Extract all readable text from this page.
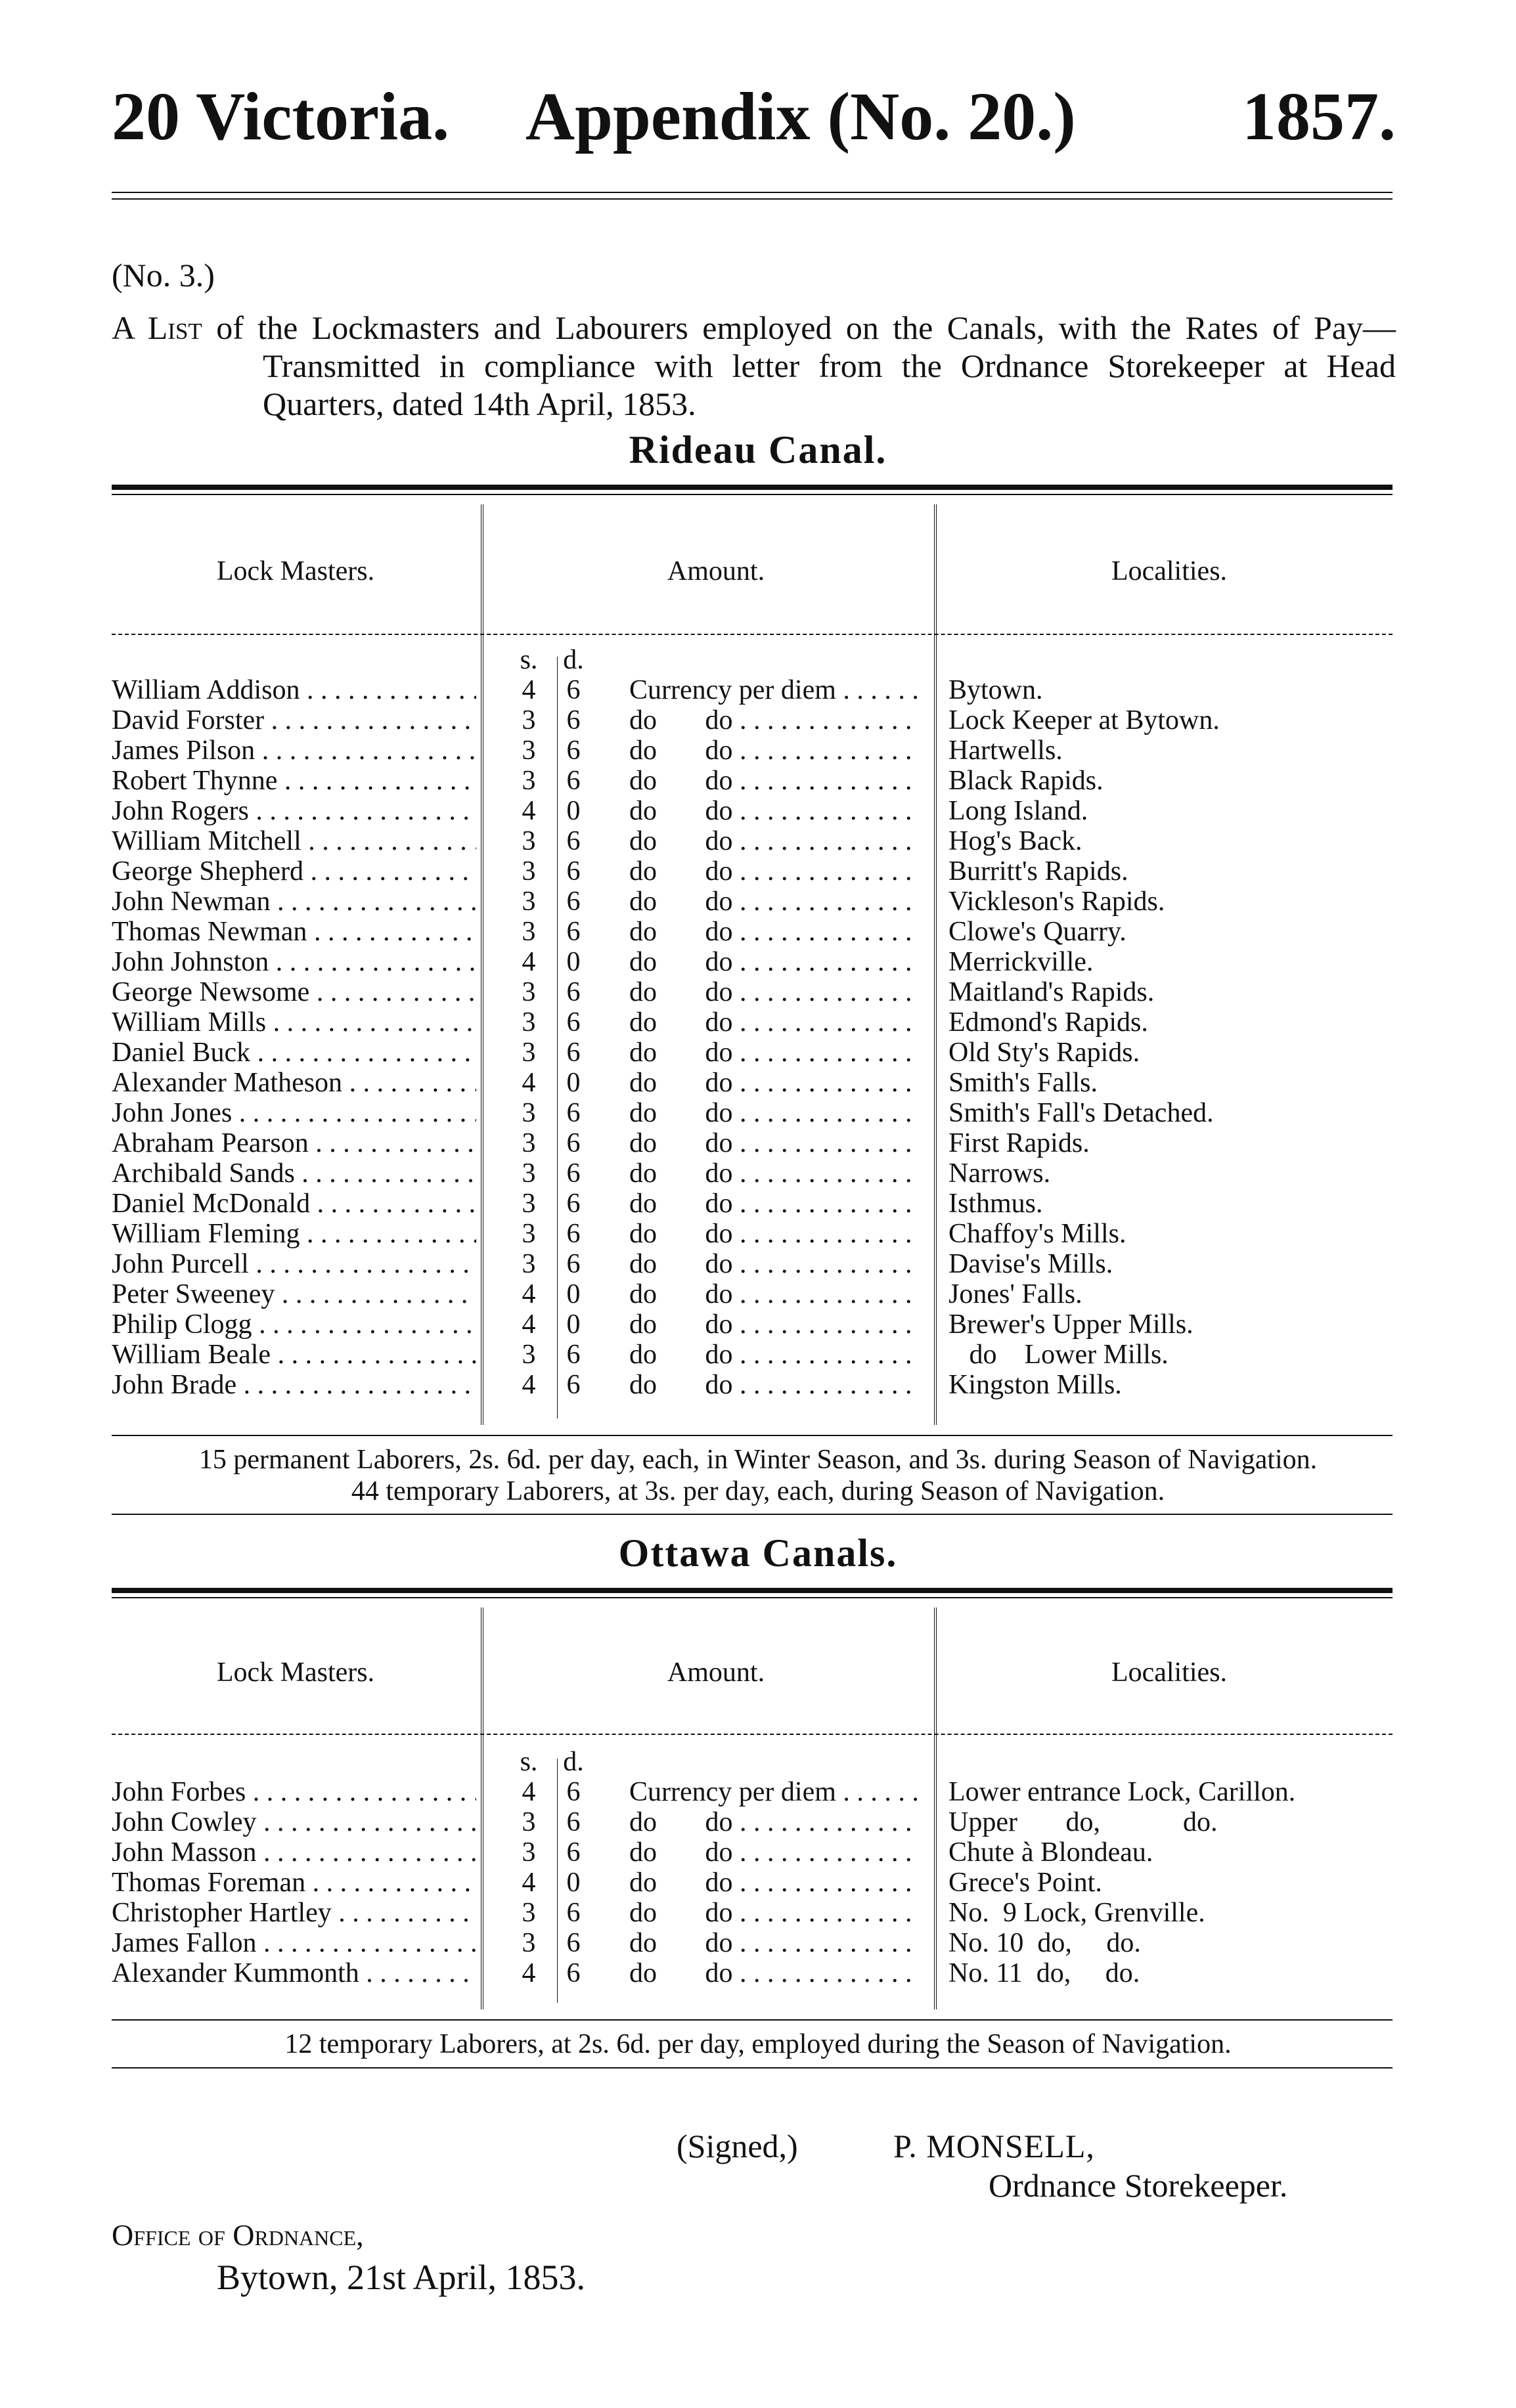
20 Victoria. Appendix (No. 20.) 1857.

(No. 3.)

A List of the Lockmasters and Labourers employed on the Canals, with the Rates of Pay—Transmitted in compliance with letter from the Ordnance Storekeeper at Head Quarters, dated 14th April, 1853.

Rideau Canal.
Lock Masters.	Amount.	Localities.
s. d.
William Addison . . .	4	6	Currency per diem . . .	Bytown.
David Forster . . .	3	6	do       do . . .	Lock Keeper at Bytown.
James Pilson . . .	3	6	do       do . . .	Hartwells.
Robert Thynne . . .	3	6	do       do . . .	Black Rapids.
John Rogers . . .	4	0	do       do . . .	Long Island.
William Mitchell . . .	3	6	do       do . . .	Hog's Back.
George Shepherd . . .	3	6	do       do . . .	Burritt's Rapids.
John Newman . . .	3	6	do       do . . .	Vickleson's Rapids.
Thomas Newman . . .	3	6	do       do . . .	Clowe's Quarry.
John Johnston . . .	4	0	do       do . . .	Merrickville.
George Newsome . . .	3	6	do       do . . .	Maitland's Rapids.
William Mills . . .	3	6	do       do . . .	Edmond's Rapids.
Daniel Buck . . .	3	6	do       do . . .	Old Sty's Rapids.
Alexander Matheson . . .	4	0	do       do . . .	Smith's Falls.
John Jones . . .	3	6	do       do . . .	Smith's Fall's Detached.
Abraham Pearson . . .	3	6	do       do . . .	First Rapids.
Archibald Sands . . .	3	6	do       do . . .	Narrows.
Daniel McDonald . . .	3	6	do       do . . .	Isthmus.
William Fleming . . .	3	6	do       do . . .	Chaffoy's Mills.
John Purcell . . .	3	6	do       do . . .	Davise's Mills.
Peter Sweeney . . .	4	0	do       do . . .	Jones' Falls.
Philip Clogg . . .	4	0	do       do . . .	Brewer's Upper Mills.
William Beale . . .	3	6	do       do . . .	do    Lower Mills.
John Brade . . .	4	6	do       do . . .	Kingston Mills.
15 permanent Laborers, 2s. 6d. per day, each, in Winter Season, and 3s. during Season of Navigation.
44 temporary Laborers, at 3s. per day, each, during Season of Navigation.
Ottawa Canals.
Lock Masters.	Amount.	Localities.
s. d.
John Forbes . . .	4	6	Currency per diem . . .	Lower entrance Lock, Carillon.
John Cowley . . .	3	6	do       do . . .	Upper       do,            do.
John Masson . . .	3	6	do       do . . .	Chute à Blondeau.
Thomas Foreman . . .	4	0	do       do . . .	Grece's Point.
Christopher Hartley . . .	3	6	do       do . . .	No.  9 Lock, Grenville.
James Fallon . . .	3	6	do       do . . .	No. 10  do,     do.
Alexander Kummonth . . .	4	6	do       do . . .	No. 11  do,     do.
12 temporary Laborers, at 2s. 6d. per day, employed during the Season of Navigation.
(Signed,)	P. MONSELL,
Ordnance Storekeeper.
Office of Ordnance,
Bytown, 21st April, 1853.
